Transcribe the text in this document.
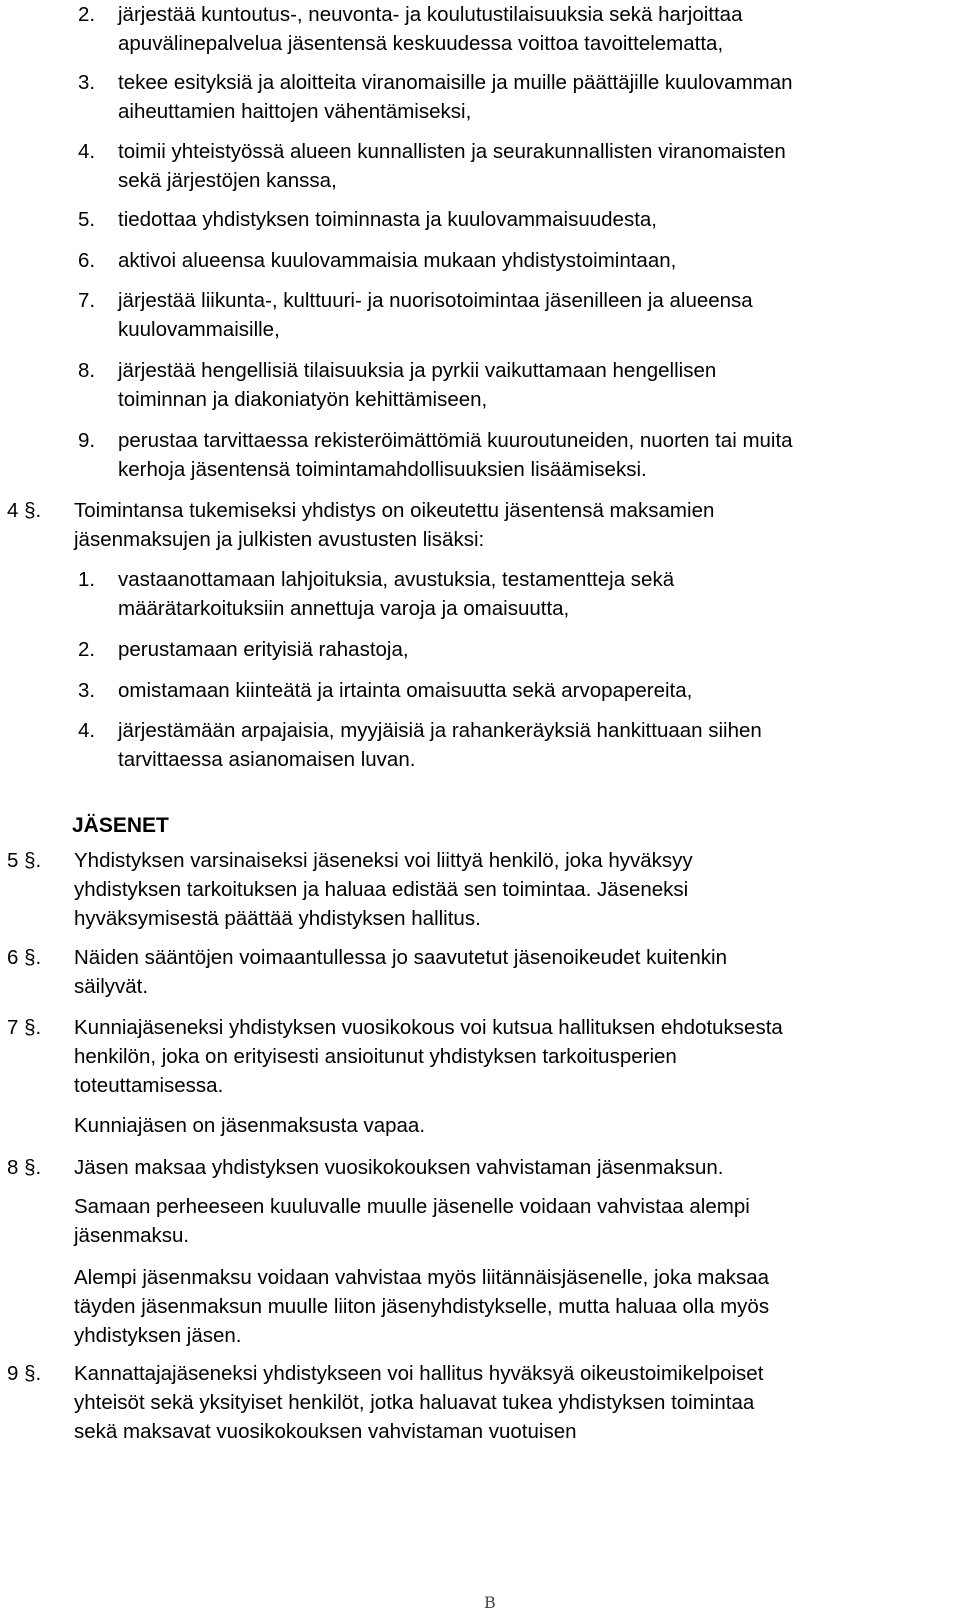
2. järjestää kuntoutus-, neuvonta- ja koulutustilaisuuksia sekä harjoittaa
apuvälinepalvelua jäsentensä keskuudessa voittoa tavoittelematta,
3. tekee esityksiä ja aloitteita viranomaisille ja muille päättäjille kuulovamman
aiheuttamien haittojen vähentämiseksi,
4. toimii yhteistyössä alueen kunnallisten ja seurakunnallisten viranomaisten
sekä järjestöjen kanssa,
5. tiedottaa yhdistyksen toiminnasta ja kuulovammaisuudesta,
6. aktivoi alueensa kuulovammaisia mukaan yhdistystoimintaan,
7. järjestää liikunta-, kulttuuri- ja nuorisotoimintaa jäsenilleen ja alueensa
kuulovammaisille,
8. järjestää hengellisiä tilaisuuksia ja pyrkii vaikuttamaan hengellisen
toiminnan ja diakoniatyön kehittämiseen,
9. perustaa tarvittaessa rekisteröimättömiä kuuroutuneiden, nuorten tai muita
kerhoja jäsentensä toimintamahdollisuuksien lisäämiseksi.
4 §. Toimintansa tukemiseksi yhdistys on oikeutettu jäsentensä maksamien
jäsenmaksujen ja julkisten avustusten lisäksi:
1. vastaanottamaan lahjoituksia, avustuksia, testamentteja sekä
määrätarkoituksiin annettuja varoja ja omaisuutta,
2. perustamaan erityisiä rahastoja,
3. omistamaan kiinteätä ja irtainta omaisuutta sekä arvopapereita,
4. järjestämään arpajaisia, myyjäisiä ja rahankeräyksiä hankittuaan siihen
tarvittaessa asianomaisen luvan.
JÄSENET
5 §. Yhdistyksen varsinaiseksi jäseneksi voi liittyä henkilö, joka hyväksyy
yhdistyksen tarkoituksen ja haluaa edistää sen toimintaa. Jäseneksi
hyväksymisestä päättää yhdistyksen hallitus.
6 §. Näiden sääntöjen voimaantullessa jo saavutetut jäsenoikeudet kuitenkin
säilyvät.
7 §. Kunniajäseneksi yhdistyksen vuosikokous voi kutsua hallituksen ehdotuksesta
henkilön, joka on erityisesti ansioitunut yhdistyksen tarkoitusperien
toteuttamisessa.
Kunniajäsen on jäsenmaksusta vapaa.
8 §. Jäsen maksaa yhdistyksen vuosikokouksen vahvistaman jäsenmaksun.
Samaan perheeseen kuuluvalle muulle jäsenelle voidaan vahvistaa alempi
jäsenmaksu.
Alempi jäsenmaksu voidaan vahvistaa myös liitännäisjäsenelle, joka maksaa
täyden jäsenmaksun muulle liiton jäsenyhdistykselle, mutta haluaa olla myös
yhdistyksen jäsen.
9 §. Kannattajajäseneksi yhdistykseen voi hallitus hyväksyä oikeustoimikelpoiset
yhteisöt sekä yksityiset henkilöt, jotka haluavat tukea yhdistyksen toimintaa
sekä maksavat vuosikokouksen vahvistaman vuotuisen
B
